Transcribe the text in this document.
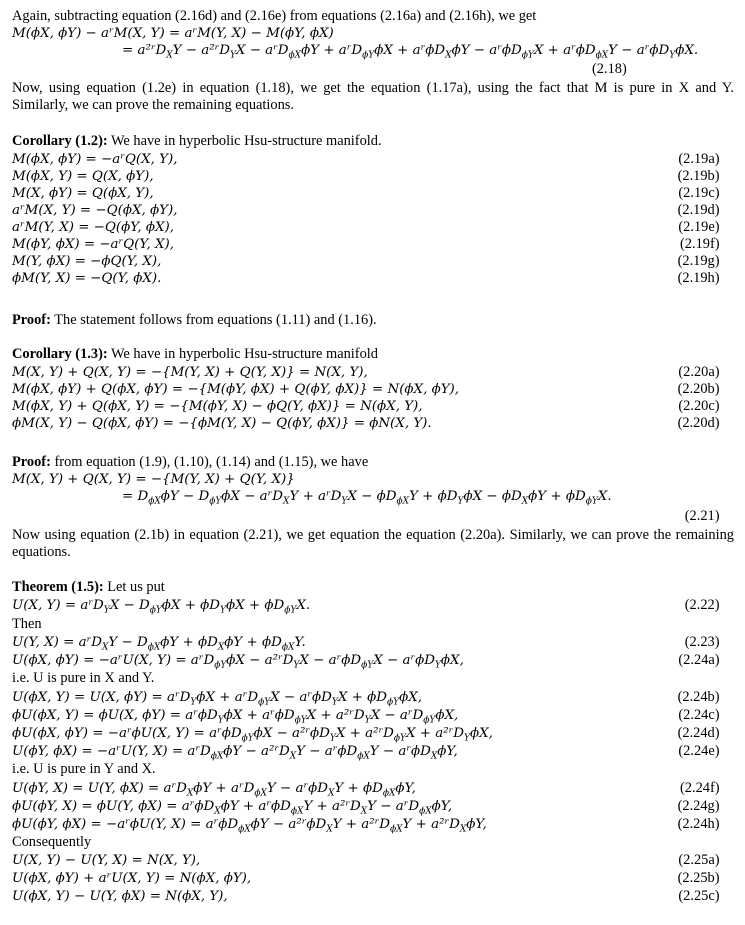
Again, subtracting equation (2.16d) and (2.16e) from equations (2.16a) and (2.16h), we get
M(ϕX, ϕY) − aʳM(X, Y) = aʳM(Y, X) − M(ϕY, ϕX)
= a²ʳD$_X$Y − a²ʳD$_Y$X − aʳD$_{\phi X}$ϕY + aʳD$_{\phi Y}$ϕX + aʳϕD$_X$ϕY − aʳϕD$_{\phi Y}$X + aʳϕD$_{\phi X}$Y − aʳϕD$_Y$ϕX.
(2.18)
Now, using equation (1.2e) in equation (1.18), we get the equation (1.17a), using the fact that M is pure in X and Y. Similarly, we can prove the remaining equations.
Corollary (1.2): We have in hyperbolic Hsu-structure manifold.
M(ϕX, ϕY) = −aʳQ(X, Y),	(2.19a)
M(ϕX, Y) = Q(X, ϕY),	(2.19b)
M(X, ϕY) = Q(ϕX, Y),	(2.19c)
aʳM(X, Y) = −Q(ϕX, ϕY),	(2.19d)
aʳM(Y, X) = −Q(ϕY, ϕX),	(2.19e)
M(ϕY, ϕX) = −aʳQ(Y, X),	(2.19f)
M(Y, ϕX) = −ϕQ(Y, X),	(2.19g)
ϕM(Y, X) = −Q(Y, ϕX).	(2.19h)
Proof: The statement follows from equations (1.11) and (1.16).
Corollary (1.3): We have in hyperbolic Hsu-structure manifold
M(X, Y) + Q(X, Y) = −{M(Y, X) + Q(Y, X)} = N(X, Y),	(2.20a)
M(ϕX, ϕY) + Q(ϕX, ϕY) = −{M(ϕY, ϕX) + Q(ϕY, ϕX)} = N(ϕX, ϕY),	(2.20b)
M(ϕX, Y) + Q(ϕX, Y) = −{M(ϕY, X) − ϕQ(Y, ϕX)} = N(ϕX, Y),	(2.20c)
ϕM(X, Y) − Q(ϕX, ϕY) = −{ϕM(Y, X) − Q(ϕY, ϕX)} = ϕN(X, Y).	(2.20d)
Proof: from equation (1.9), (1.10), (1.14) and (1.15), we have
M(X, Y) + Q(X, Y) = −{M(Y, X) + Q(Y, X)}
= $D_{\phi X}\phi Y - D_{\phi Y}\phi X$ − aʳD$_X$Y + aʳD$_Y$X − $\phi D_{\phi X}Y + \phi D_Y\phi X - \phi D_X\phi Y + \phi D_{\phi Y}X$.
(2.21)
Now using equation (2.1b) in equation (2.21), we get equation the equation (2.20a). Similarly, we can prove the remaining equations.
Theorem (1.5): Let us put
U(X, Y) = aʳD$_Y$X − $D_{\phi Y}\phi X + \phi D_Y\phi X + \phi D_{\phi Y}X$.	(2.22)
Then
U(Y, X) = aʳD$_X$Y − $D_{\phi X}\phi Y + \phi D_X\phi Y + \phi D_{\phi X}Y$.	(2.23)
U(ϕX, ϕY) = −aʳU(X, Y) = aʳD$_{\phi Y}$ϕX − a²ʳD$_Y$X − aʳϕD$_{\phi Y}$X − aʳϕD$_Y$ϕX,	(2.24a)
i.e. U is pure in X and Y.
U(ϕX, Y) = U(X, ϕY) = aʳD$_Y$ϕX + aʳD$_{\phi Y}$X − aʳϕD$_Y$X + $\phi D_{\phi Y}\phi X$,	(2.24b)
ϕU(ϕX, Y) = ϕU(X, ϕY) = aʳϕD$_Y$ϕX + aʳϕD$_{\phi Y}$X + a²ʳD$_Y$X − aʳD$_{\phi Y}$ϕX,	(2.24c)
ϕU(ϕX, ϕY) = −aʳϕU(X, Y) = aʳϕD$_{\phi Y}$ϕX − a²ʳϕD$_Y$X + a²ʳD$_{\phi Y}$X + a²ʳD$_Y$ϕX,	(2.24d)
U(ϕY, ϕX) = −aʳU(Y, X) = aʳD$_{\phi X}$ϕY − a²ʳD$_X$Y − aʳϕD$_{\phi X}$Y − aʳϕD$_X$ϕY,	(2.24e)
i.e. U is pure in Y and X.
U(ϕY, X) = U(Y, ϕX) = aʳD$_X$ϕY + aʳD$_{\phi X}$Y − aʳϕD$_X$Y + $\phi D_{\phi X}\phi Y$,	(2.24f)
ϕU(ϕY, X) = ϕU(Y, ϕX) = aʳϕD$_X$ϕY + aʳϕD$_{\phi X}$Y + a²ʳD$_X$Y − aʳD$_{\phi X}$ϕY,	(2.24g)
ϕU(ϕY, ϕX) = −aʳϕU(Y, X) = aʳϕD$_{\phi X}$ϕY − a²ʳϕD$_X$Y + a²ʳD$_{\phi X}$Y + a²ʳD$_X$ϕY,	(2.24h)
Consequently
U(X, Y) − U(Y, X) = N(X, Y),	(2.25a)
U(ϕX, ϕY) + aʳU(X, Y) = N(ϕX, ϕY),	(2.25b)
U(ϕX, Y) − U(Y, ϕX) = N(ϕX, Y),	(2.25c)
